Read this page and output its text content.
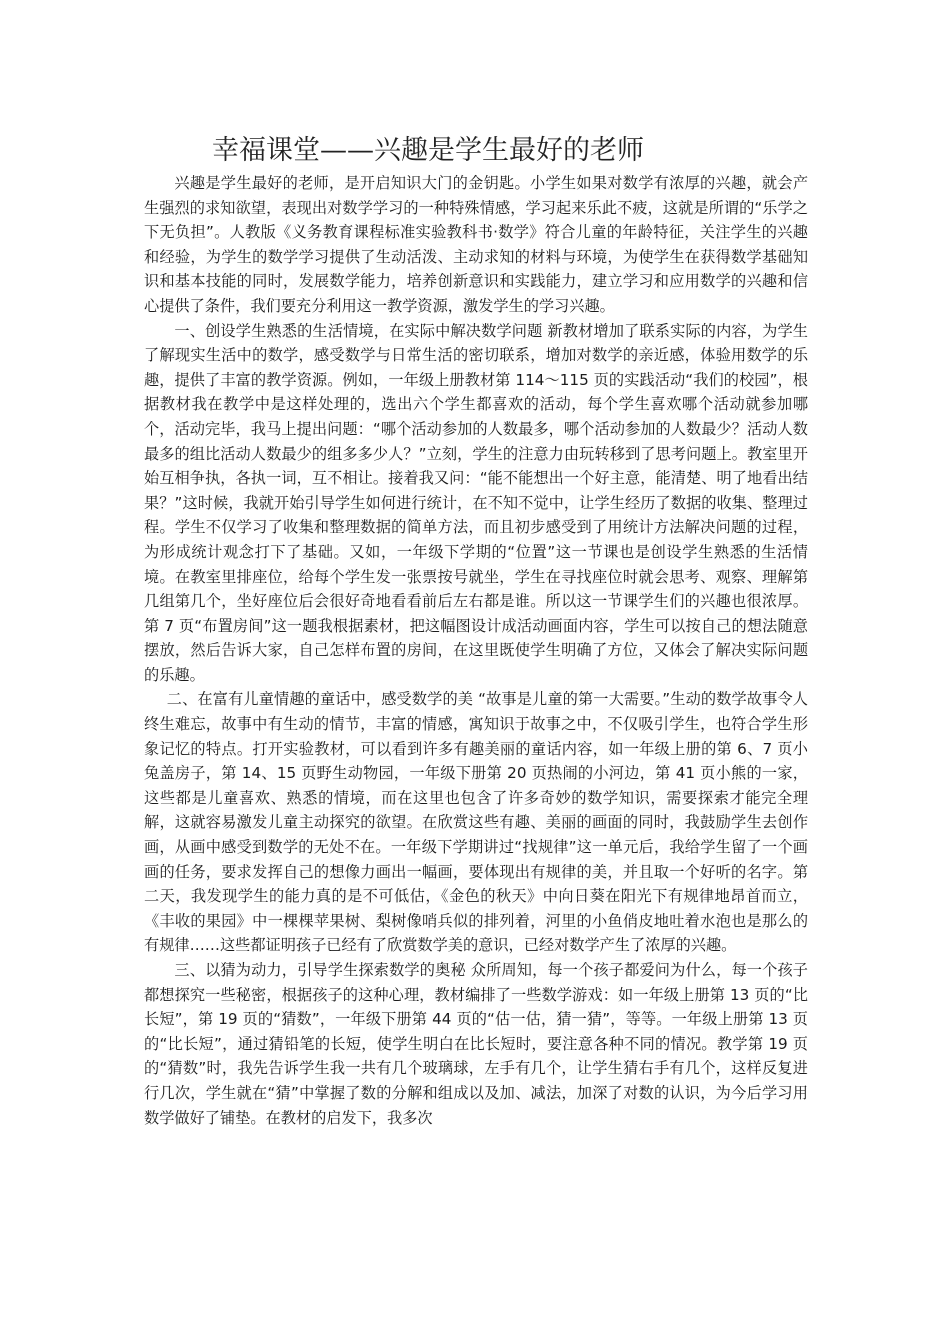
幸福课堂——兴趣是学生最好的老师

兴趣是学生最好的老师，是开启知识大门的金钥匙。小学生如果对数学有浓厚的兴趣，就会产生强烈的求知欲望，表现出对数学学习的一种特殊情感，学习起来乐此不疲，这就是所谓的“乐学之下无负担”。人教版《义务教育课程标准实验教科书·数学》符合儿童的年龄特征，关注学生的兴趣和经验，为学生的数学学习提供了生动活泼、主动求知的材料与环境，为使学生在获得数学基础知识和基本技能的同时，发展数学能力，培养创新意识和实践能力，建立学习和应用数学的兴趣和信心提供了条件，我们要充分利用这一教学资源，激发学生的学习兴趣。

一、创设学生熟悉的生活情境，在实际中解决数学问题 新教材增加了联系实际的内容，为学生了解现实生活中的数学，感受数学与日常生活的密切联系，增加对数学的亲近感，体验用数学的乐趣，提供了丰富的教学资源。例如，一年级上册教材第 114～115 页的实践活动“我们的校园”，根据教材我在教学中是这样处理的，选出六个学生都喜欢的活动，每个学生喜欢哪个活动就参加哪个，活动完毕，我马上提出问题：“哪个活动参加的人数最多，哪个活动参加的人数最少？活动人数最多的组比活动人数最少的组多多少人？”立刻，学生的注意力由玩转移到了思考问题上。教室里开始互相争执，各执一词，互不相让。接着我又问：“能不能想出一个好主意，能清楚、明了地看出结果？”这时候，我就开始引导学生如何进行统计，在不知不觉中，让学生经历了数据的收集、整理过程。学生不仅学习了收集和整理数据的简单方法，而且初步感受到了用统计方法解决问题的过程，为形成统计观念打下了基础。又如，一年级下学期的“位置”这一节课也是创设学生熟悉的生活情境。在教室里排座位，给每个学生发一张票按号就坐，学生在寻找座位时就会思考、观察、理解第几组第几个，坐好座位后会很好奇地看看前后左右都是谁。所以这一节课学生们的兴趣也很浓厚。第 7 页“布置房间”这一题我根据素材，把这幅图设计成活动画面内容，学生可以按自己的想法随意摆放，然后告诉大家，自己怎样布置的房间，在这里既使学生明确了方位，又体会了解决实际问题的乐趣。

二、在富有儿童情趣的童话中，感受数学的美 “故事是儿童的第一大需要。”生动的数学故事令人终生难忘，故事中有生动的情节，丰富的情感，寓知识于故事之中，不仅吸引学生，也符合学生形象记忆的特点。打开实验教材，可以看到许多有趣美丽的童话内容，如一年级上册的第 6、7 页小兔盖房子，第 14、15 页野生动物园，一年级下册第 20 页热闹的小河边，第 41 页小熊的一家，这些都是儿童喜欢、熟悉的情境，而在这里也包含了许多奇妙的数学知识，需要探索才能完全理解，这就容易激发儿童主动探究的欲望。在欣赏这些有趣、美丽的画面的同时，我鼓励学生去创作画，从画中感受到数学的无处不在。一年级下学期讲过“找规律”这一单元后，我给学生留了一个画画的任务，要求发挥自己的想像力画出一幅画，要体现出有规律的美，并且取一个好听的名字。第二天，我发现学生的能力真的是不可低估，《金色的秋天》中向日葵在阳光下有规律地昂首而立，《丰收的果园》中一棵棵苹果树、梨树像哨兵似的排列着，河里的小鱼俏皮地吐着水泡也是那么的有规律……这些都证明孩子已经有了欣赏数学美的意识，已经对数学产生了浓厚的兴趣。

三、以猜为动力，引导学生探索数学的奥秘 众所周知，每一个孩子都爱问为什么，每一个孩子都想探究一些秘密，根据孩子的这种心理，教材编排了一些数学游戏：如一年级上册第 13 页的“比长短”，第 19 页的“猜数”，一年级下册第 44 页的“估一估，猜一猜”，等等。一年级上册第 13 页的“比长短”，通过猜铅笔的长短，使学生明白在比长短时，要注意各种不同的情况。教学第 19 页的“猜数”时，我先告诉学生我一共有几个玻璃球，左手有几个，让学生猜右手有几个，这样反复进行几次，学生就在“猜”中掌握了数的分解和组成以及加、减法，加深了对数的认识，为今后学习用数学做好了铺垫。在教材的启发下，我多次
